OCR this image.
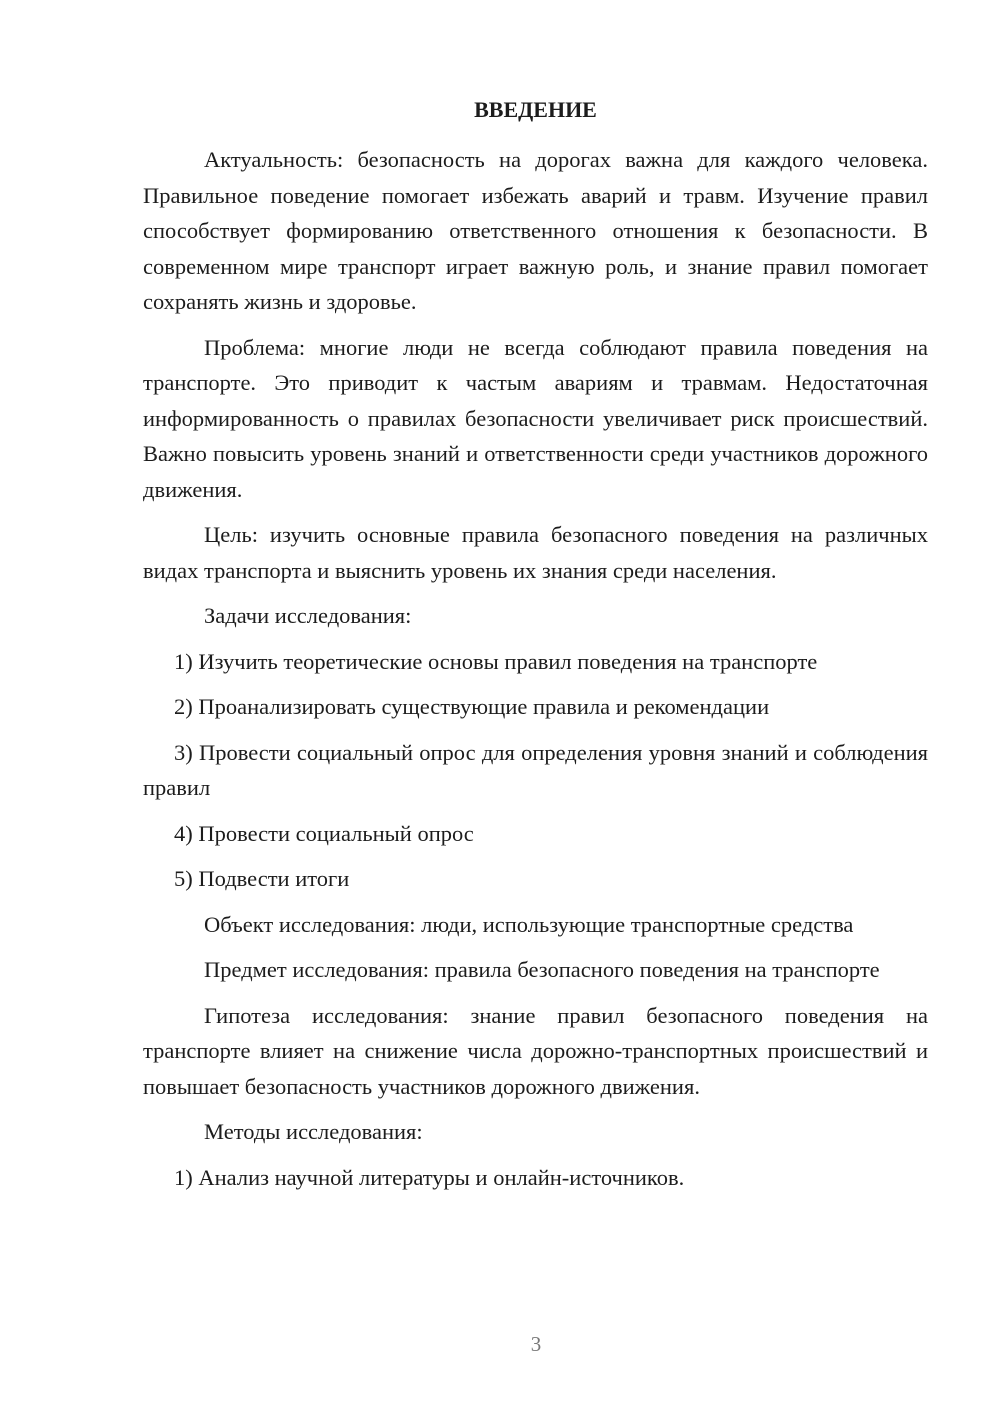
ВВЕДЕНИЕ

Актуальность: безопасность на дорогах важна для каждого человека. Правильное поведение помогает избежать аварий и травм. Изучение правил способствует формированию ответственного отношения к безопасности. В современном мире транспорт играет важную роль, и знание правил помогает сохранять жизнь и здоровье.

Проблема: многие люди не всегда соблюдают правила поведения на транспорте. Это приводит к частым авариям и травмам. Недостаточная информированность о правилах безопасности увеличивает риск происшествий. Важно повысить уровень знаний и ответственности среди участников дорожного движения.

Цель: изучить основные правила безопасного поведения на различных видах транспорта и выяснить уровень их знания среди населения.

Задачи исследования:

1) Изучить теоретические основы правил поведения на транспорте

2) Проанализировать существующие правила и рекомендации

3) Провести социальный опрос для определения уровня знаний и соблюдения правил

4) Провести социальный опрос

5) Подвести итоги

Объект исследования: люди, использующие транспортные средства

Предмет исследования: правила безопасного поведения на транспорте

Гипотеза исследования: знание правил безопасного поведения на транспорте влияет на снижение числа дорожно-транспортных происшествий и повышает безопасность участников дорожного движения.

Методы исследования:

1) Анализ научной литературы и онлайн-источников.

3
